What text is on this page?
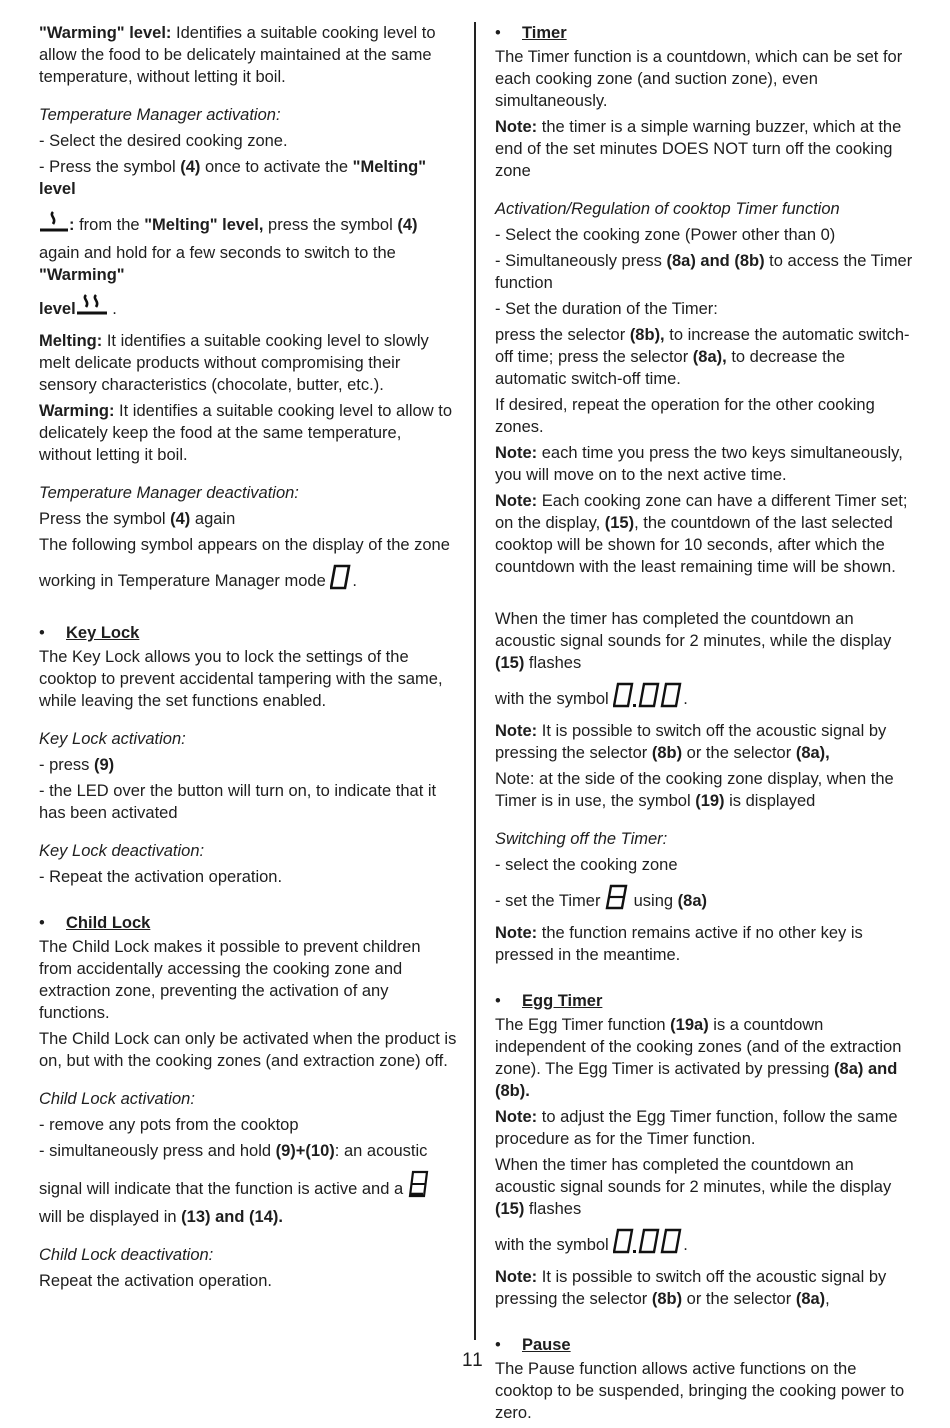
"Warming" level: Identifies a suitable cooking level to allow the food to be delicately maintained at the same temperature, without letting it boil.

Temperature Manager activation:

- Select the desired cooking zone.

- Press the symbol (4) once to activate the "Melting" level

: from the "Melting" level, press the symbol (4) again and hold for a few seconds to switch to the "Warming"

level .

Melting: It identifies a suitable cooking level to slowly melt delicate products without compromising their sensory characteristics (chocolate, butter, etc.).

Warming: It identifies a suitable cooking level to allow to delicately keep the food at the same temperature, without letting it boil.

Temperature Manager deactivation:

Press the symbol (4) again

The following symbol appears on the display of the zone

working in Temperature Manager mode .

• Key Lock

The Key Lock allows you to lock the settings of the cooktop to prevent accidental tampering with the same, while leaving the set functions enabled.

Key Lock activation:

- press (9)

- the LED over the button will turn on, to indicate that it has been activated

Key Lock deactivation:

- Repeat the activation operation.

• Child Lock

The Child Lock makes it possible to prevent children from accidentally accessing the cooking zone and extraction zone, preventing the activation of any functions.

The Child Lock can only be activated when the product is on, but with the cooking zones (and extraction zone) off.

Child Lock activation:

- remove any pots from the cooktop

- simultaneously press and hold (9)+(10): an acoustic

signal will indicate that the function is active and a  will be displayed in (13) and (14).

Child Lock deactivation:

Repeat the activation operation.

• Timer

The Timer function is a countdown, which can be set for each cooking zone (and suction zone), even simultaneously.

Note: the timer is a simple warning buzzer, which at the end of the set minutes DOES NOT turn off the cooking zone

Activation/Regulation of cooktop Timer function

- Select the cooking zone (Power other than 0)

- Simultaneously press (8a) and (8b) to access the Timer function

- Set the duration of the Timer:

press the selector (8b), to increase the automatic switch-off time; press the selector (8a), to decrease the automatic switch-off time.

If desired, repeat the operation for the other cooking zones.

Note: each time you press the two keys simultaneously, you will move on to the next active time.

Note: Each cooking zone can have a different Timer set; on the display, (15), the countdown of the last selected cooktop will be shown for 10 seconds, after which the countdown with the least remaining time will be shown.

When the timer has completed the countdown an acoustic signal sounds for 2 minutes, while the display (15) flashes

with the symbol	.

Note: It is possible to switch off the acoustic signal by pressing the selector (8b) or the selector (8a),

Note: at the side of the cooking zone display, when the Timer is in use, the symbol (19) is displayed

Switching off the Timer:

- select the cooking zone

- set the Timer  using (8a)

Note: the function remains active if no other key is pressed in the meantime.

• Egg Timer

The Egg Timer function (19a) is a countdown independent of the cooking zones (and of the extraction zone). The Egg Timer is activated by pressing (8a) and (8b).

Note: to adjust the Egg Timer function, follow the same procedure as for the Timer function.

When the timer has completed the countdown an acoustic signal sounds for 2 minutes, while the display (15) flashes

with the symbol	.

Note: It is possible to switch off the acoustic signal by pressing the selector (8b) or the selector (8a),

• Pause

The Pause function allows active functions on the cooktop to be suspended, bringing the cooking power to zero.

11
